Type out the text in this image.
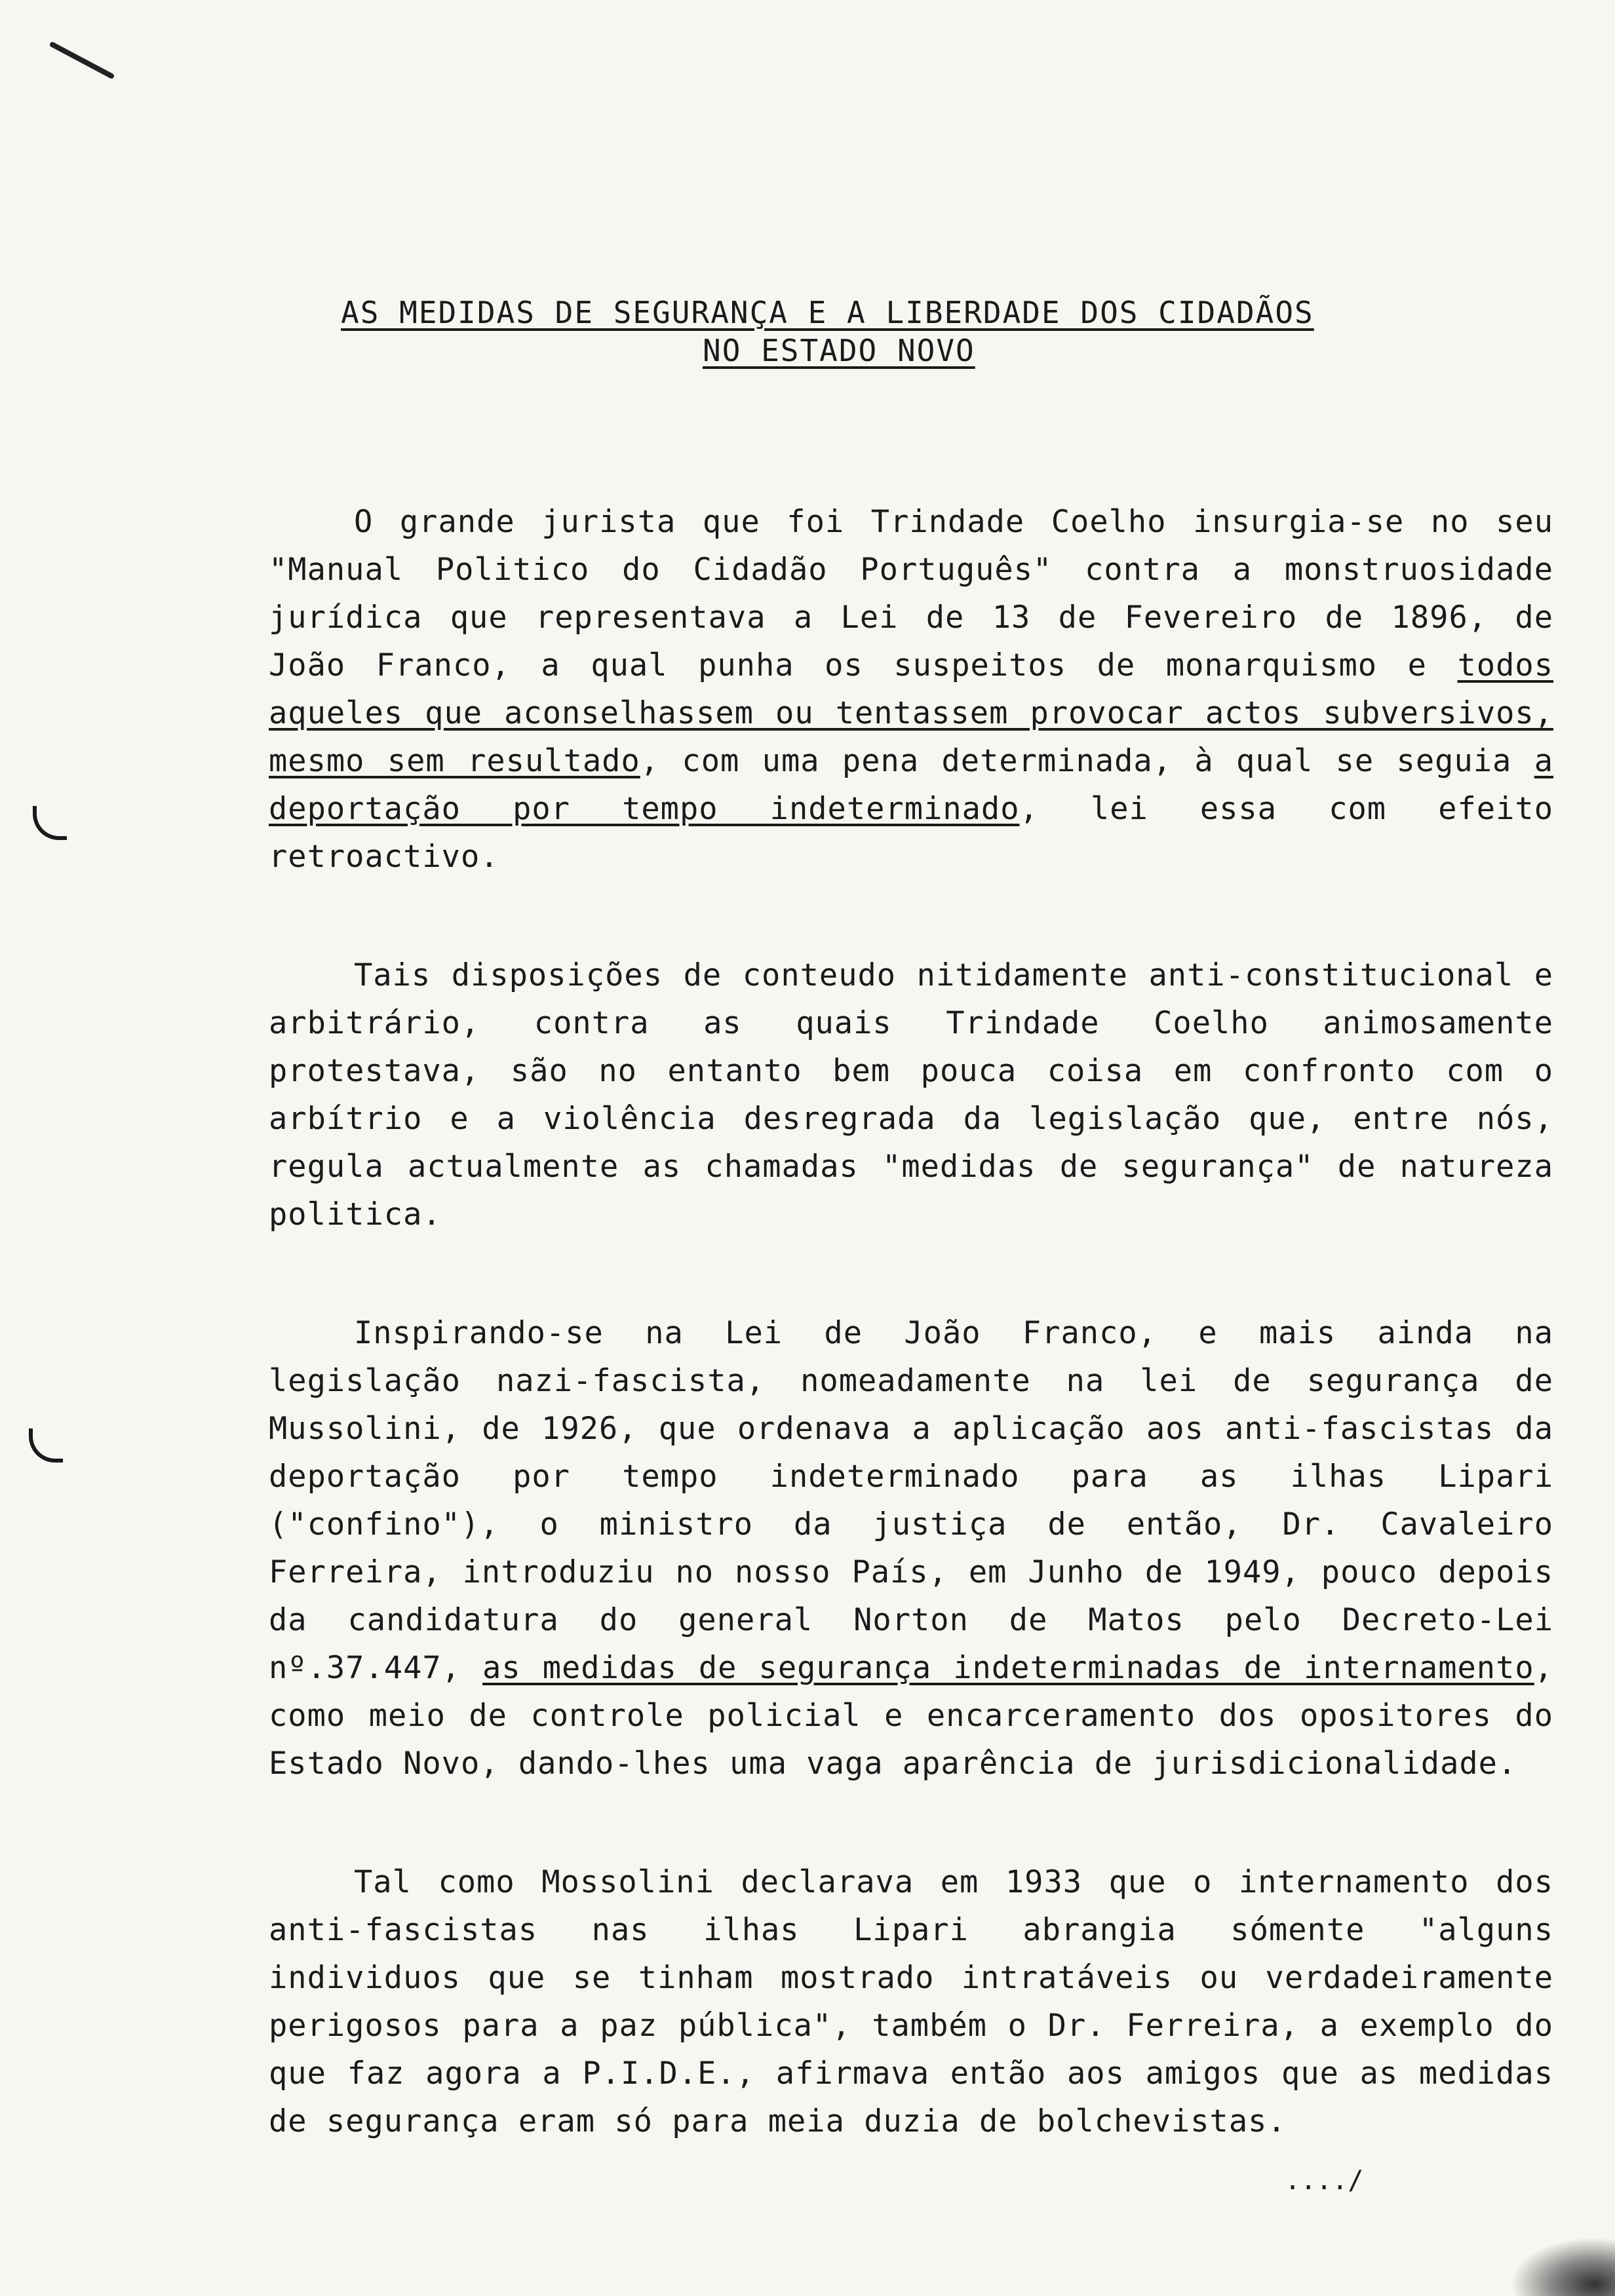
AS MEDIDAS DE SEGURANÇA E A LIBERDADE DOS CIDADÃOS
NO ESTADO NOVO

O grande jurista que foi Trindade Coelho insurgia-se no seu "Manual Politico do Cidadão Português" contra a monstruosidade jurídica que representava a Lei de 13 de Fevereiro de 1896, de João Franco, a qual punha os suspeitos de monarquismo e todos aqueles que aconselhassem ou tentassem provocar actos subversivos, mesmo sem resultado, com uma pena determinada, à qual se seguia a deportação por tempo indeterminado, lei essa com efeito retroactivo.

Tais disposições de conteudo nitidamente anti-constitucional e arbitrário, contra as quais Trindade Coelho animosamente protestava, são no entanto bem pouca coisa em confronto com o arbítrio e a violência desregrada da legislação que, entre nós, regula actualmente as chamadas "medidas de segurança" de natureza politica.

Inspirando-se na Lei de João Franco, e mais ainda na legislação nazi-fascista, nomeadamente na lei de segurança de Mussolini, de 1926, que ordenava a aplicação aos anti-fascistas da deportação por tempo indeterminado para as ilhas Lipari ("confino"), o ministro da justiça de então, Dr. Cavaleiro Ferreira, introduziu no nosso País, em Junho de 1949, pouco depois da candidatura do general Norton de Matos pelo Decreto-Lei nº.37.447, as medidas de segurança indeterminadas de internamento, como meio de controle policial e encarceramento dos opositores do Estado Novo, dando-lhes uma vaga aparência de jurisdicionalidade.

Tal como Mossolini declarava em 1933 que o internamento dos anti-fascistas nas ilhas Lipari abrangia sómente "alguns individuos que se tinham mostrado intratáveis ou verdadeiramente perigosos para a paz pública", também o Dr. Ferreira, a exemplo do que faz agora a P.I.D.E., afirmava então aos amigos que as medidas de segurança eram só para meia duzia de bolchevistas.

..../
